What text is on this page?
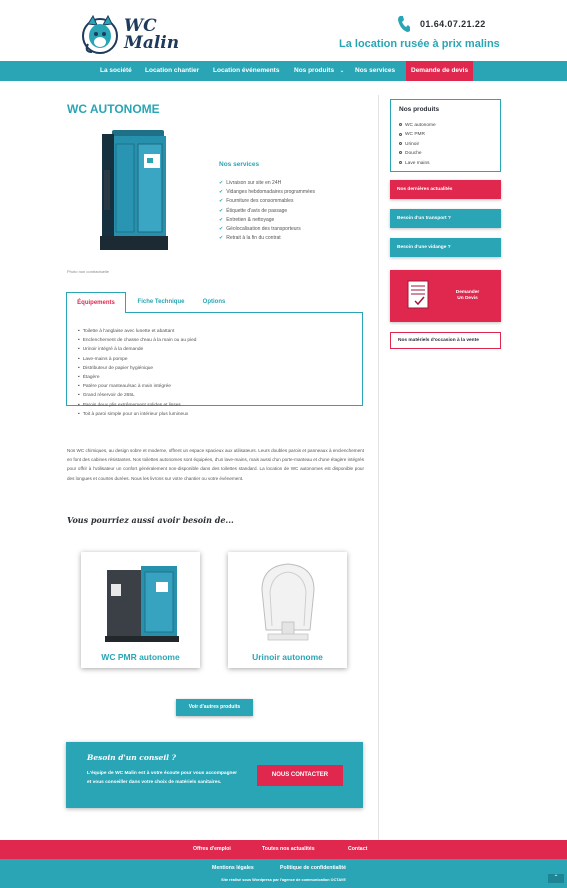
WC
Malin
01.64.07.21.22
La location rusée à prix malins
La société Location chantier Location événements Nos produits ⌄ Nos services	Demande de devis
WC AUTONOME
Photo non contractuelle
Nos services
✔ Livraison sur site en 24H
✔ Vidanges hebdomadaires programmées
✔ Fourniture des consommables
✔ Étiquette d'avis de passage
✔ Entretien & nettoyage
✔ Géolocalisation des transporteurs
✔ Retrait à la fin du contrat
Équipements	Fiche Technique	Options
• Toilette à l'anglaise avec lunette et abattant
• Enclenchement de chasse d'eau à la main ou au pied
• Urinoir intégré à la demande
• Lave-mains à pompe
• Distributeur de papier hygiénique
• Étagère
• Patère pour manteau/sac à main intégrée
• Grand réservoir de 265L
• Parois deux plis extrêmement solides et lisses
• Toit à paroi simple pour un intérieur plus lumineux

Nos WC chimiques, au design sobre et moderne, offrent un espace spacieux aux utilisateurs. Leurs doubles parois et panneaux à enclenchement en font des cabines résistantes. Nos toilettes autonomes sont équipées, d'un lave-mains, mais aussi d'un porte-manteau et d'une étagère intégrés pour offrir à l'utilisateur un confort généralement non-disponible dans des toilettes standard. La location de WC autonomes est disponible pour des longues et courtes durées. Nous les livrons sur votre chantier ou votre évènement.

Vous pourriez aussi avoir besoin de...
WC PMR autonome	Urinoir autonome
Voir d'autres produits
Besoin d'un conseil ?
L'équipe de WC Malin est à votre écoute pour vous accompagner et vous conseiller dans votre choix de matériels sanitaires.
NOUS CONTACTER
Nos produits
WC autonome
WC PMR
Urinoir
Douche
Lave mains
Nos dernières actualités
Besoin d'un transport ?
Besoin d'une vidange ?
Demander
Un Devis
Nos matériels d'occasion à la vente
Offres d'emploi	Toutes nos actualités	Contact
Mentions légales	Politique de confidentialité
Site réalisé sous Wordpress par l'agence de communication OCTAVE	⌃
